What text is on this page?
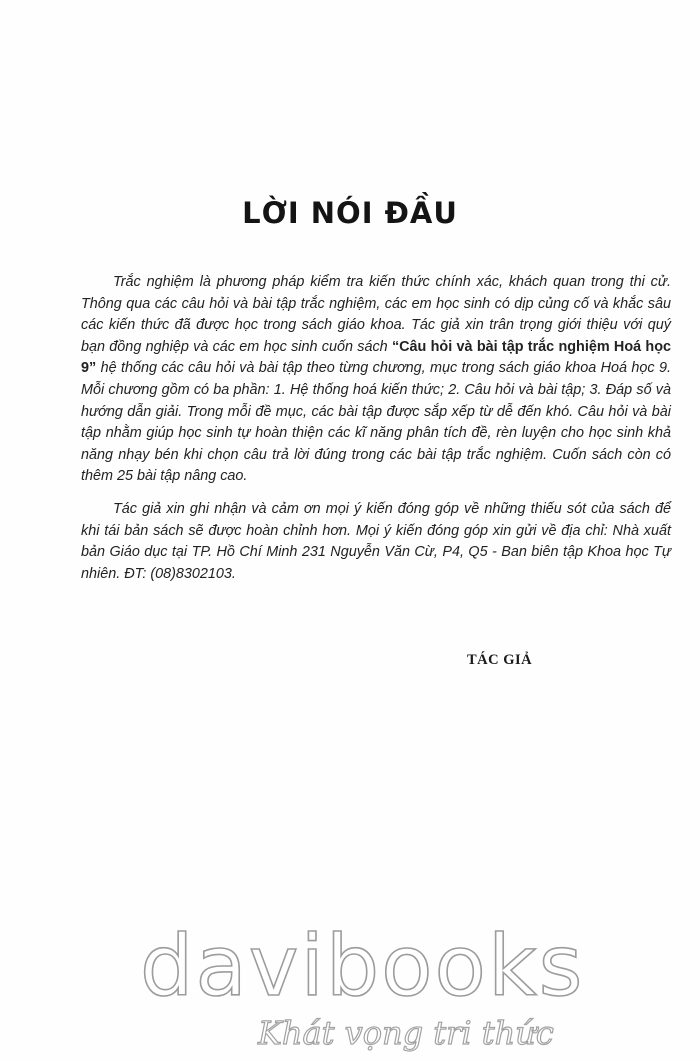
LỜI NÓI ĐẦU

Trắc nghiệm là phương pháp kiểm tra kiến thức chính xác, khách quan trong thi cử. Thông qua các câu hỏi và bài tập trắc nghiệm, các em học sinh có dịp củng cố và khắc sâu các kiến thức đã được học trong sách giáo khoa. Tác giả xin trân trọng giới thiệu với quý bạn đồng nghiệp và các em học sinh cuốn sách “Câu hỏi và bài tập trắc nghiệm Hoá học 9” hệ thống các câu hỏi và bài tập theo từng chương, mục trong sách giáo khoa Hoá học 9. Mỗi chương gồm có ba phần: 1. Hệ thống hoá kiến thức; 2. Câu hỏi và bài tập; 3. Đáp số và hướng dẫn giải. Trong mỗi đề mục, các bài tập được sắp xếp từ dễ đến khó. Câu hỏi và bài tập nhằm giúp học sinh tự hoàn thiện các kĩ năng phân tích đề, rèn luyện cho học sinh khả năng nhạy bén khi chọn câu trả lời đúng trong các bài tập trắc nghiệm. Cuốn sách còn có thêm 25 bài tập nâng cao.

Tác giả xin ghi nhận và cảm ơn mọi ý kiến đóng góp về những thiếu sót của sách để khi tái bản sách sẽ được hoàn chỉnh hơn. Mọi ý kiến đóng góp xin gửi về địa chỉ: Nhà xuất bản Giáo dục tại TP. Hồ Chí Minh 231 Nguyễn Văn Cừ, P4, Q5 - Ban biên tập Khoa học Tự nhiên. ĐT: (08)8302103.

TÁC GIẢ
davibooks
Khát vọng tri thức
